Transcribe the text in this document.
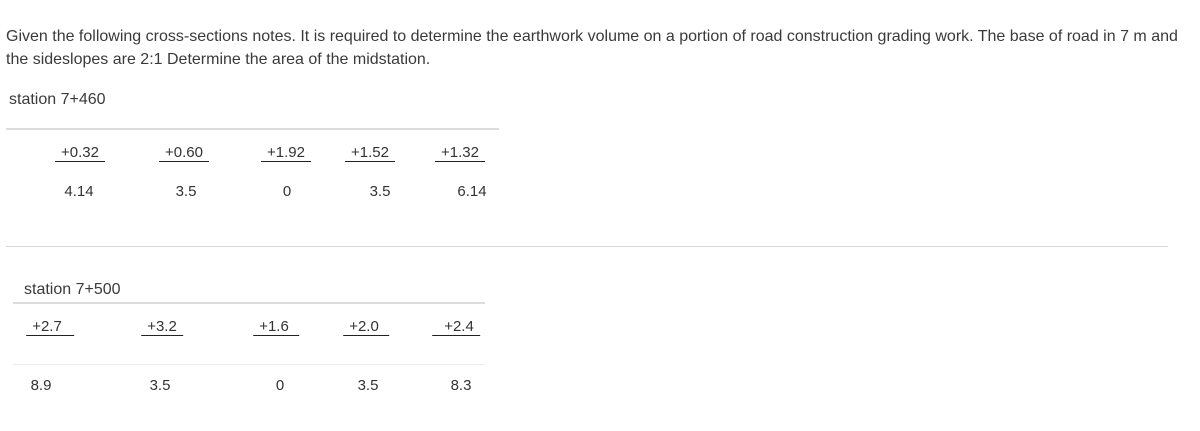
Given the following cross-sections notes. It is required to determine the earthwork volume on a portion of road construction grading work. The base of road in 7 m and the sideslopes are 2:1 Determine the area of the midstation.
station 7+460
+0.32	+0.60	+1.92	+1.52	+1.32
4.14	3.5	0	3.5	6.14
station 7+500
+2.7	+3.2	+1.6	+2.0	+2.4
8.9	3.5	0	3.5	8.3
